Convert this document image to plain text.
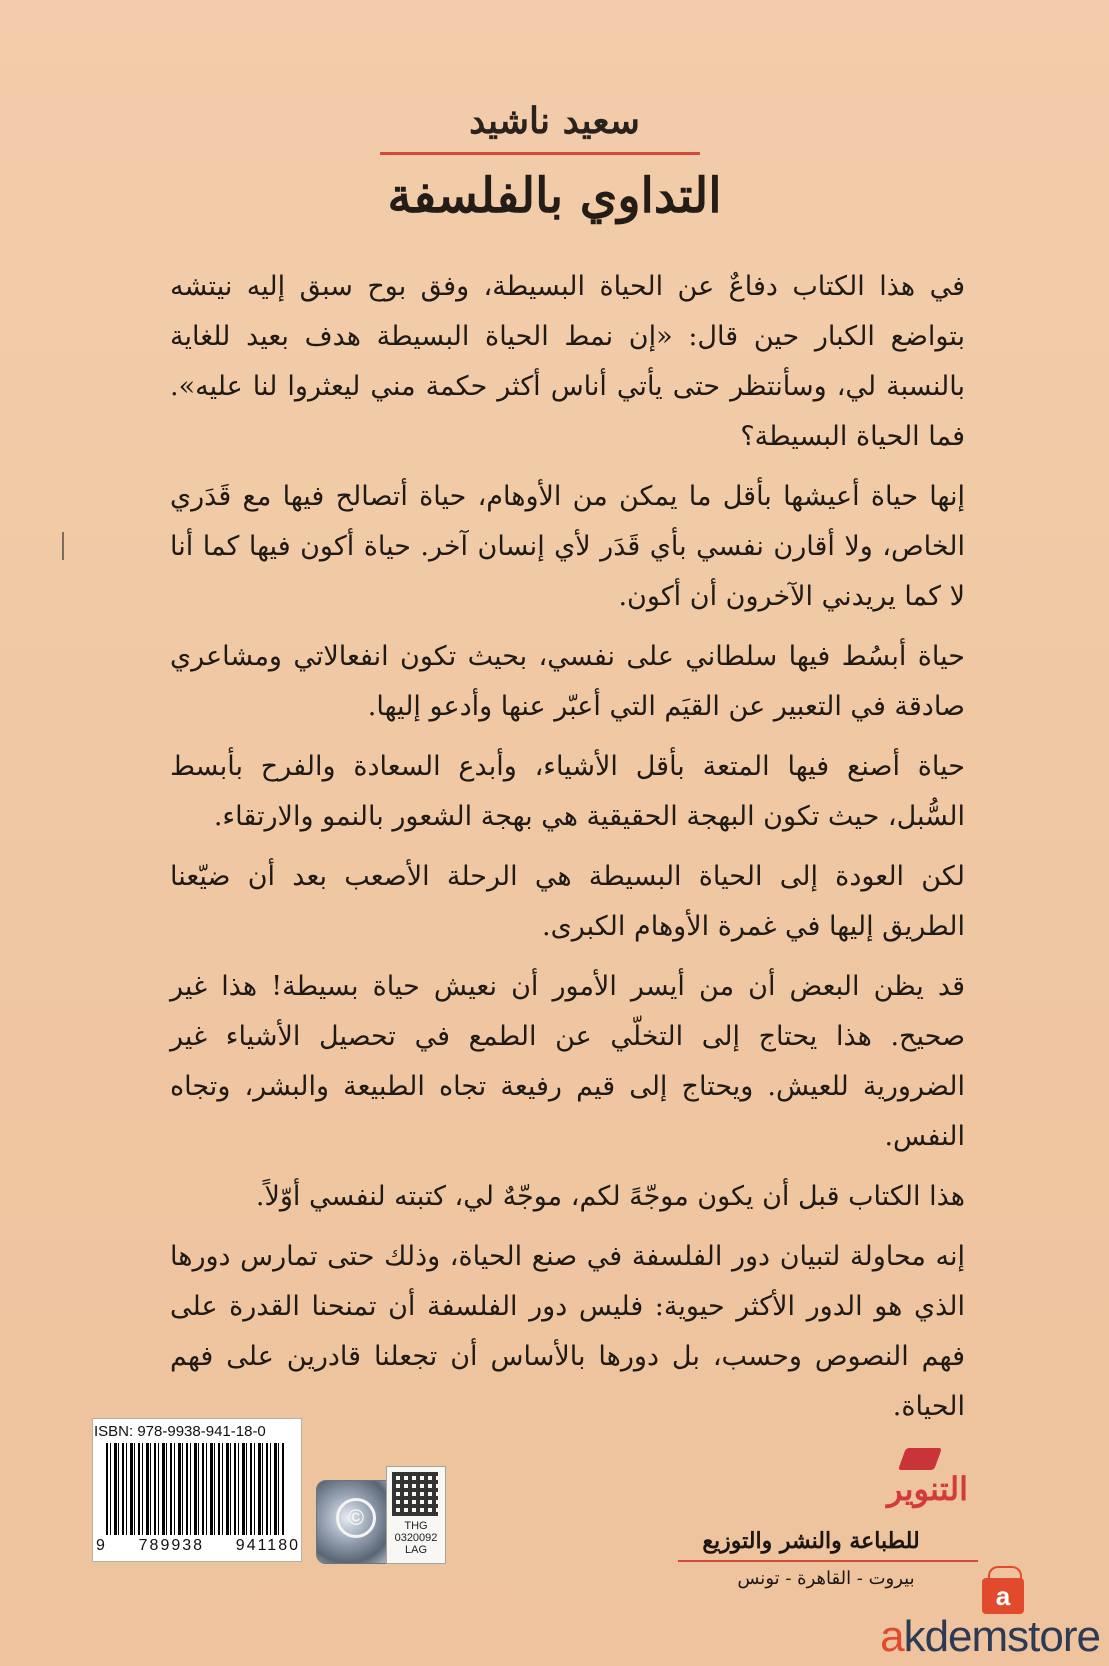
سعيد ناشيد
التداوي بالفلسفة

في هذا الكتاب دفاعٌ عن الحياة البسيطة، وفق بوح سبق إليه نيتشه بتواضع الكبار حين قال: «إن نمط الحياة البسيطة هدف بعيد للغاية بالنسبة لي، وسأنتظر حتى يأتي أناس أكثر حكمة مني ليعثروا لنا عليه». فما الحياة البسيطة؟

إنها حياة أعيشها بأقل ما يمكن من الأوهام، حياة أتصالح فيها مع قَدَري الخاص، ولا أقارن نفسي بأي قَدَر لأي إنسان آخر. حياة أكون فيها كما أنا لا كما يريدني الآخرون أن أكون.

حياة أبسُط فيها سلطاني على نفسي، بحيث تكون انفعالاتي ومشاعري صادقة في التعبير عن القيَم التي أعبّر عنها وأدعو إليها.

حياة أصنع فيها المتعة بأقل الأشياء، وأبدع السعادة والفرح بأبسط السُّبل، حيث تكون البهجة الحقيقية هي بهجة الشعور بالنمو والارتقاء.

لكن العودة إلى الحياة البسيطة هي الرحلة الأصعب بعد أن ضيّعنا الطريق إليها في غمرة الأوهام الكبرى.

قد يظن البعض أن من أيسر الأمور أن نعيش حياة بسيطة! هذا غير صحيح. هذا يحتاج إلى التخلّي عن الطمع في تحصيل الأشياء غير الضرورية للعيش. ويحتاج إلى قيم رفيعة تجاه الطبيعة والبشر، وتجاه النفس.

هذا الكتاب قبل أن يكون موجّهً لكم، موجّهٌ لي، كتبته لنفسي أوّلاً.

إنه محاولة لتبيان دور الفلسفة في صنع الحياة، وذلك حتى تمارس دورها الذي هو الدور الأكثر حيوية: فليس دور الفلسفة أن تمنحنا القدرة على فهم النصوص وحسب، بل دورها بالأساس أن تجعلنا قادرين على فهم الحياة.

ISBN: 978-9938-941-18-0
9 789938 941180
©	THG
0320092
LAG
التنوير
للطباعة والنشر والتوزيع
بيروت - القاهرة - تونس
a
akdemstore
